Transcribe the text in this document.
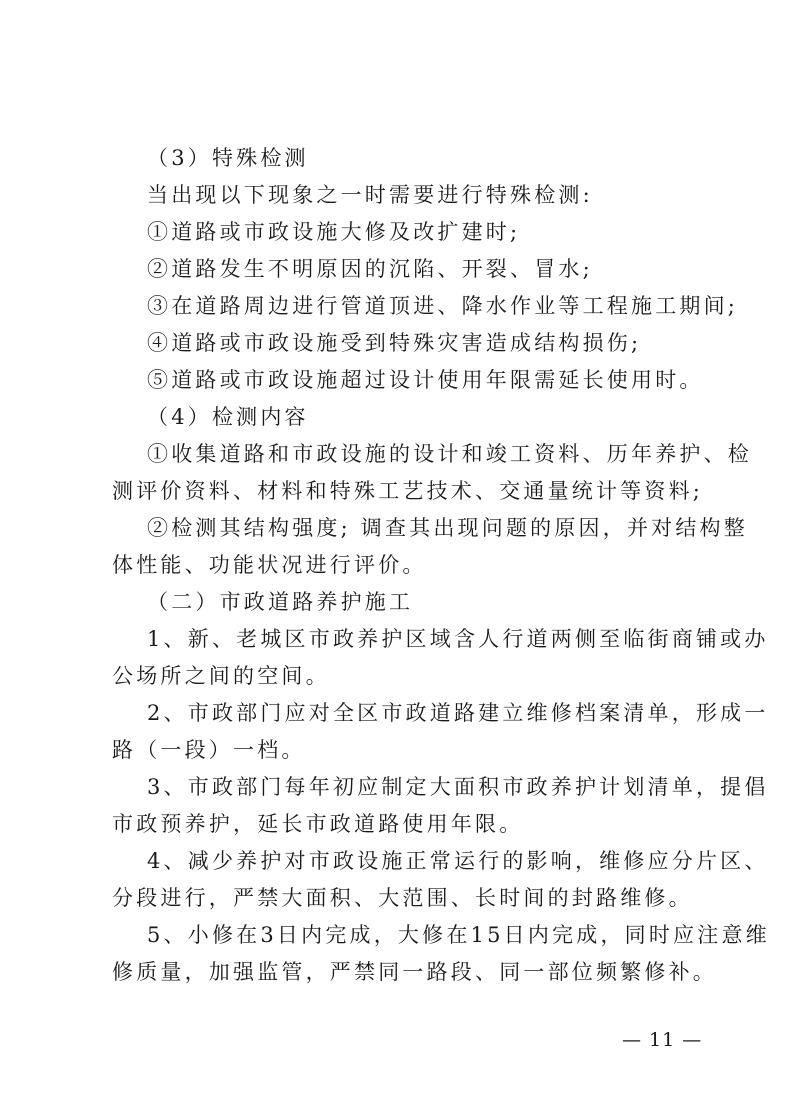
（3）特殊检测
当出现以下现象之一时需要进行特殊检测:
①道路或市政设施大修及改扩建时;
②道路发生不明原因的沉陷、开裂、冒水;
③在道路周边进行管道顶进、降水作业等工程施工期间;
④道路或市政设施受到特殊灾害造成结构损伤;
⑤道路或市政设施超过设计使用年限需延长使用时。
（4）检测内容
①收集道路和市政设施的设计和竣工资料、历年养护、检
测评价资料、材料和特殊工艺技术、交通量统计等资料;
②检测其结构强度; 调查其出现问题的原因，并对结构整
体性能、功能状况进行评价。
（二）市政道路养护施工
1、新、老城区市政养护区域含人行道两侧至临街商铺或办
公场所之间的空间。
2、市政部门应对全区市政道路建立维修档案清单，形成一
路（一段）一档。
3、市政部门每年初应制定大面积市政养护计划清单，提倡
市政预养护，延长市政道路使用年限。
4、减少养护对市政设施正常运行的影响，维修应分片区、
分段进行，严禁大面积、大范围、长时间的封路维修。
5、小修在3日内完成，大修在15日内完成，同时应注意维
修质量，加强监管，严禁同一路段、同一部位频繁修补。
— 11 —
